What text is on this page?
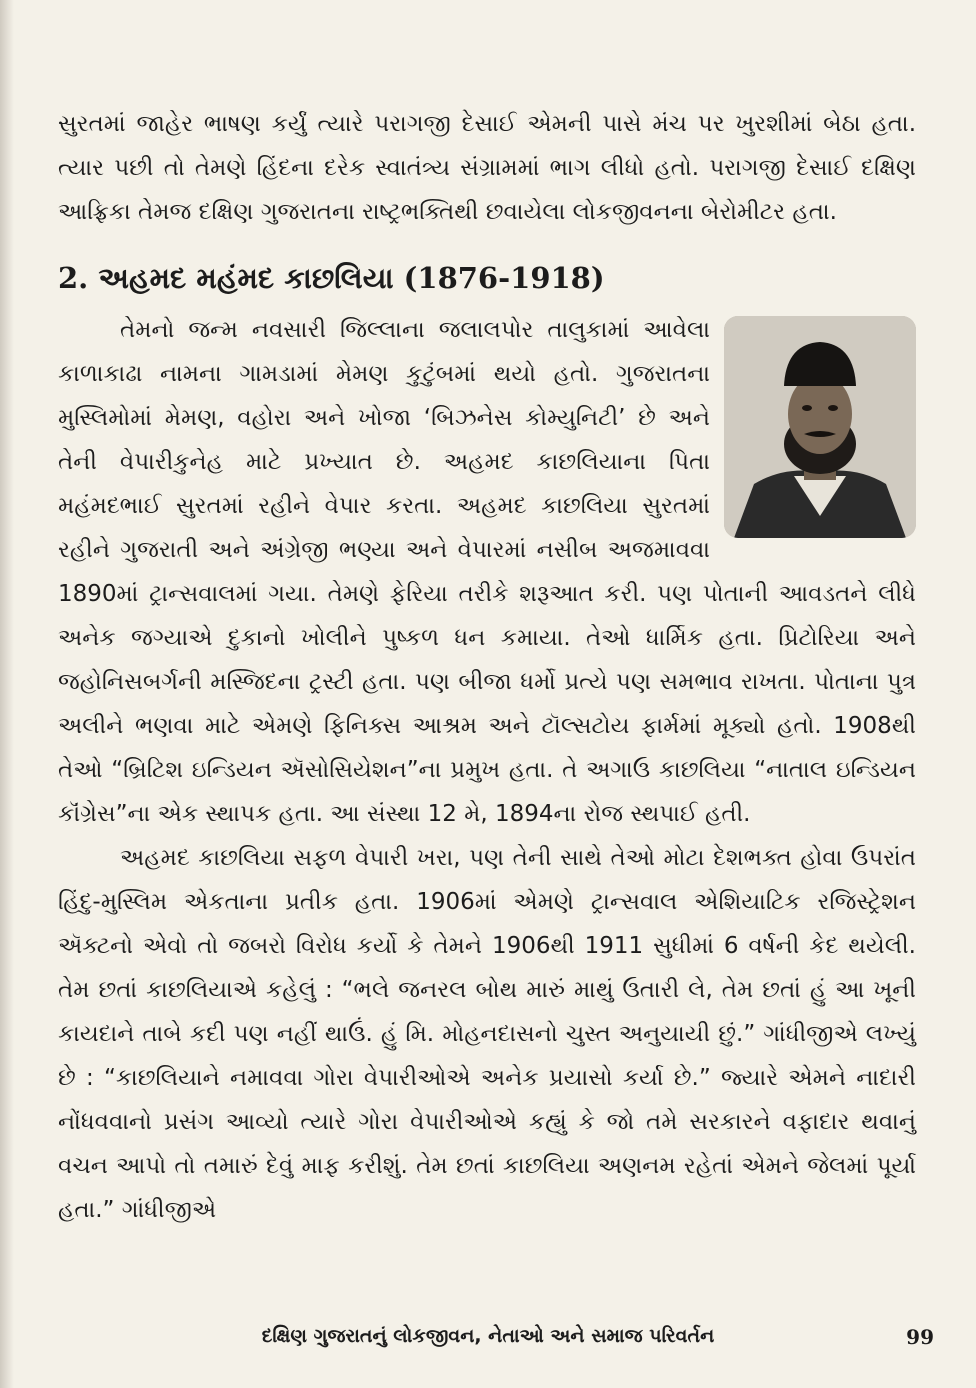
સુરતમાં જાહેર ભાષણ કર્યું ત્યારે પરાગજી દેસાઈ એમની પાસે મંચ પર ખુરશીમાં બેઠા હતા. ત્યાર પછી તો તેમણે હિંદના દરેક સ્વાતંત્ર્ય સંગ્રામમાં ભાગ લીધો હતો. પરાગજી દેસાઈ દક્ષિણ આફ્રિકા તેમજ દક્ષિણ ગુજરાતના રાષ્ટ્રભક્તિથી છવાયેલા લોકજીવનના બેરોમીટર હતા.

2. અહમદ મહંમદ કાછલિયા (1876-1918)

તેમનો જન્મ નવસારી જિલ્લાના જલાલપોર તાલુકામાં આવેલા કાળાકાઢા નામના ગામડામાં મેમણ કુટુંબમાં થયો હતો. ગુજરાતના મુસ્લિમોમાં મેમણ, વહોરા અને ખોજા ‘બિઝનેસ કોમ્યુનિટી’ છે અને તેની વેપારીકુનેહ માટે પ્રખ્યાત છે. અહમદ કાછલિયાના પિતા મહંમદભાઈ સુરતમાં રહીને વેપાર કરતા. અહમદ કાછલિયા સુરતમાં રહીને ગુજરાતી અને અંગ્રેજી ભણ્યા અને વેપારમાં નસીબ અજમાવવા 1890માં ટ્રાન્સવાલમાં ગયા. તેમણે ફેરિયા તરીકે શરૂઆત કરી. પણ પોતાની આવડતને લીધે અનેક જગ્યાએ દુકાનો ખોલીને પુષ્કળ ધન કમાયા. તેઓ ધાર્મિક હતા. પ્રિટોરિયા અને જહોનિસબર્ગની મસ્જિદના ટ્રસ્ટી હતા. પણ બીજા ધર્મો પ્રત્યે પણ સમભાવ રાખતા. પોતાના પુત્ર અલીને ભણવા માટે એમણે ફિનિક્સ આશ્રમ અને ટૉલ્સટોય ફાર્મમાં મૂક્યો હતો. 1908થી તેઓ “બ્રિટિશ ઇન્ડિયન ઍસોસિયેશન”ના પ્રમુખ હતા. તે અગાઉ કાછલિયા “નાતાલ ઇન્ડિયન કૉંગ્રેસ”ના એક સ્થાપક હતા. આ સંસ્થા 12 મે, 1894ના રોજ સ્થપાઈ હતી.

અહમદ કાછલિયા સફળ વેપારી ખરા, પણ તેની સાથે તેઓ મોટા દેશભક્ત હોવા ઉપરાંત હિંદુ-મુસ્લિમ એકતાના પ્રતીક હતા. 1906માં એમણે ટ્રાન્સવાલ એશિયાટિક રજિસ્ટ્રેશન ઍક્ટનો એવો તો જબરો વિરોધ કર્યો કે તેમને 1906થી 1911 સુધીમાં 6 વર્ષની કેદ થયેલી. તેમ છતાં કાછલિયાએ કહેલું : “ભલે જનરલ બોથ મારું માથું ઉતારી લે, તેમ છતાં હું આ ખૂની કાયદાને તાબે કદી પણ નહીં થાઉં. હું મિ. મોહનદાસનો ચુસ્ત અનુયાયી છું.” ગાંધીજીએ લખ્યું છે : “કાછલિયાને નમાવવા ગોરા વેપારીઓએ અનેક પ્રયાસો કર્યા છે.” જ્યારે એમને નાદારી નોંધવવાનો પ્રસંગ આવ્યો ત્યારે ગોરા વેપારીઓએ કહ્યું કે જો તમે સરકારને વફાદાર થવાનું વચન આપો તો તમારું દેવું માફ કરીશું. તેમ છતાં કાછલિયા અણનમ રહેતાં એમને જેલમાં પૂર્યા હતા.” ગાંધીજીએ

દક્ષિણ ગુજરાતનું લોકજીવન, નેતાઓ અને સમાજ પરિવર્તન	99
